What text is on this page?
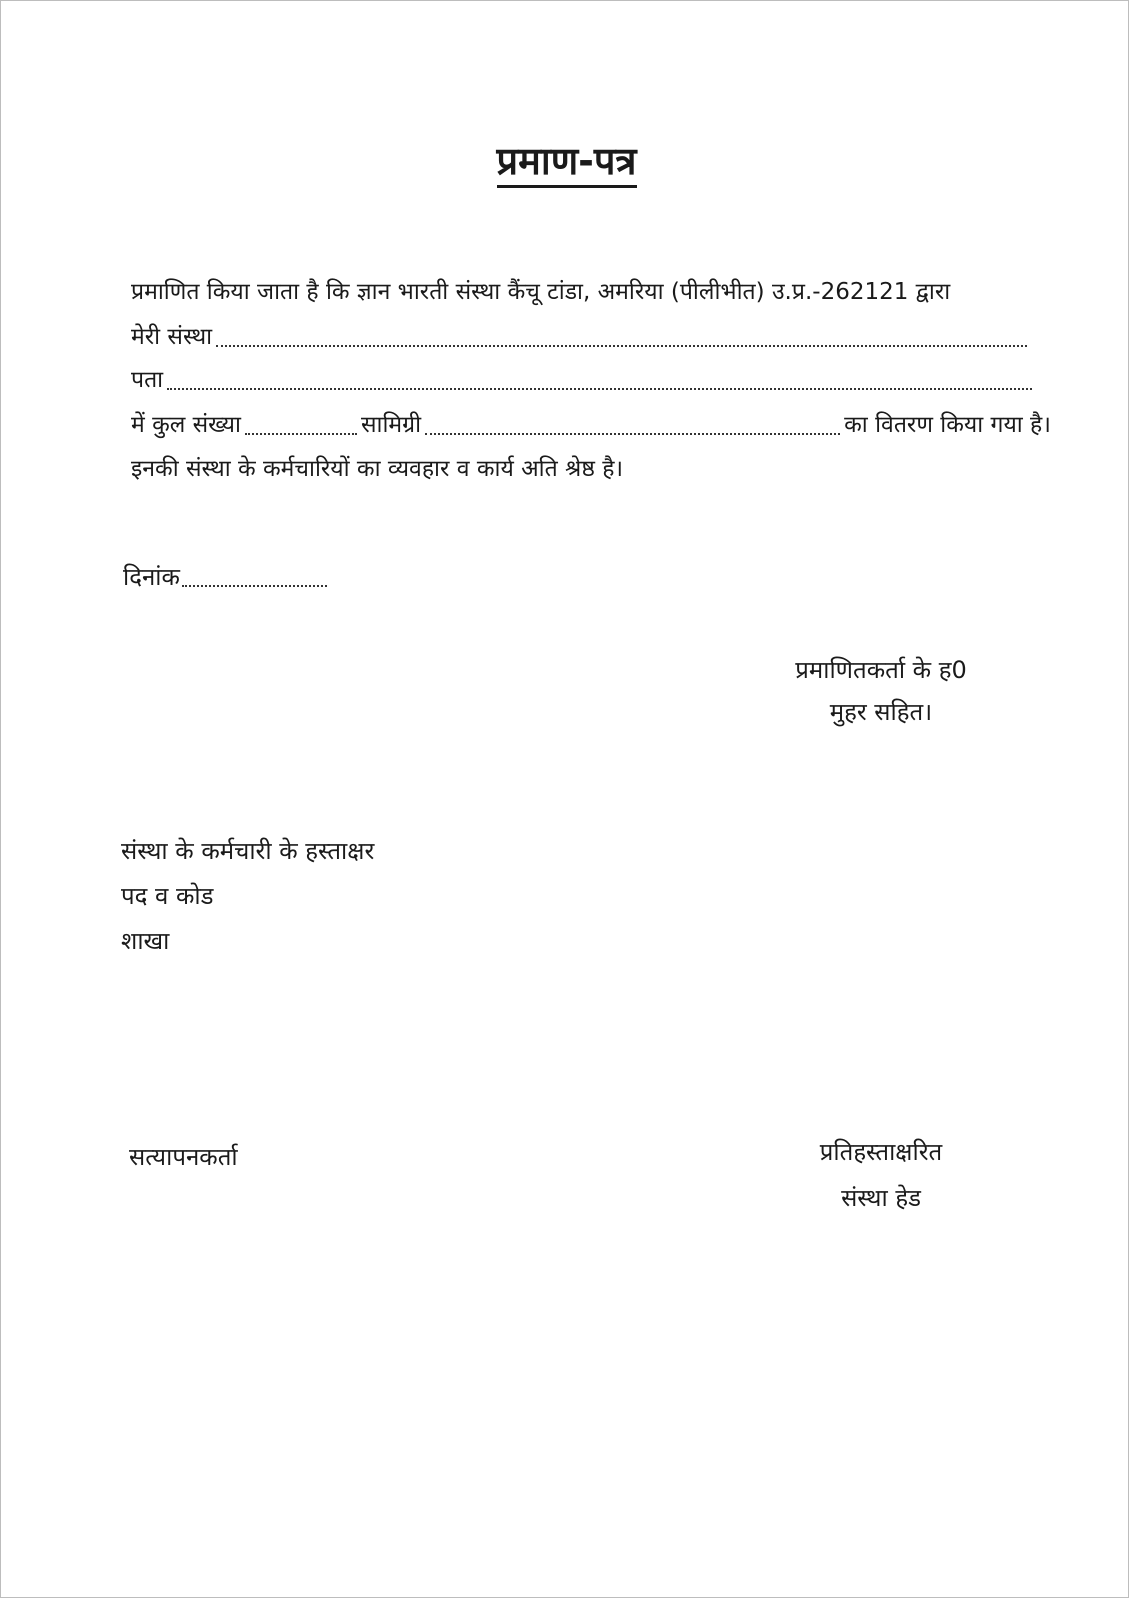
प्रमाण-पत्र
प्रमाणित किया जाता है कि ज्ञान भारती संस्था कैंचू टांडा, अमरिया (पीलीभीत) उ.प्र.-262121 द्वारा
मेरी संस्था
पता
में कुल संख्या	सामिग्री	का वितरण किया गया है।
इनकी संस्था के कर्मचारियों का व्यवहार व कार्य अति श्रेष्ठ है।
दिनांक
प्रमाणितकर्ता के ह0
मुहर सहित।
संस्था के कर्मचारी के हस्ताक्षर
पद व कोड
शाखा
सत्यापनकर्ता	प्रतिहस्ताक्षरित
संस्था हेड
